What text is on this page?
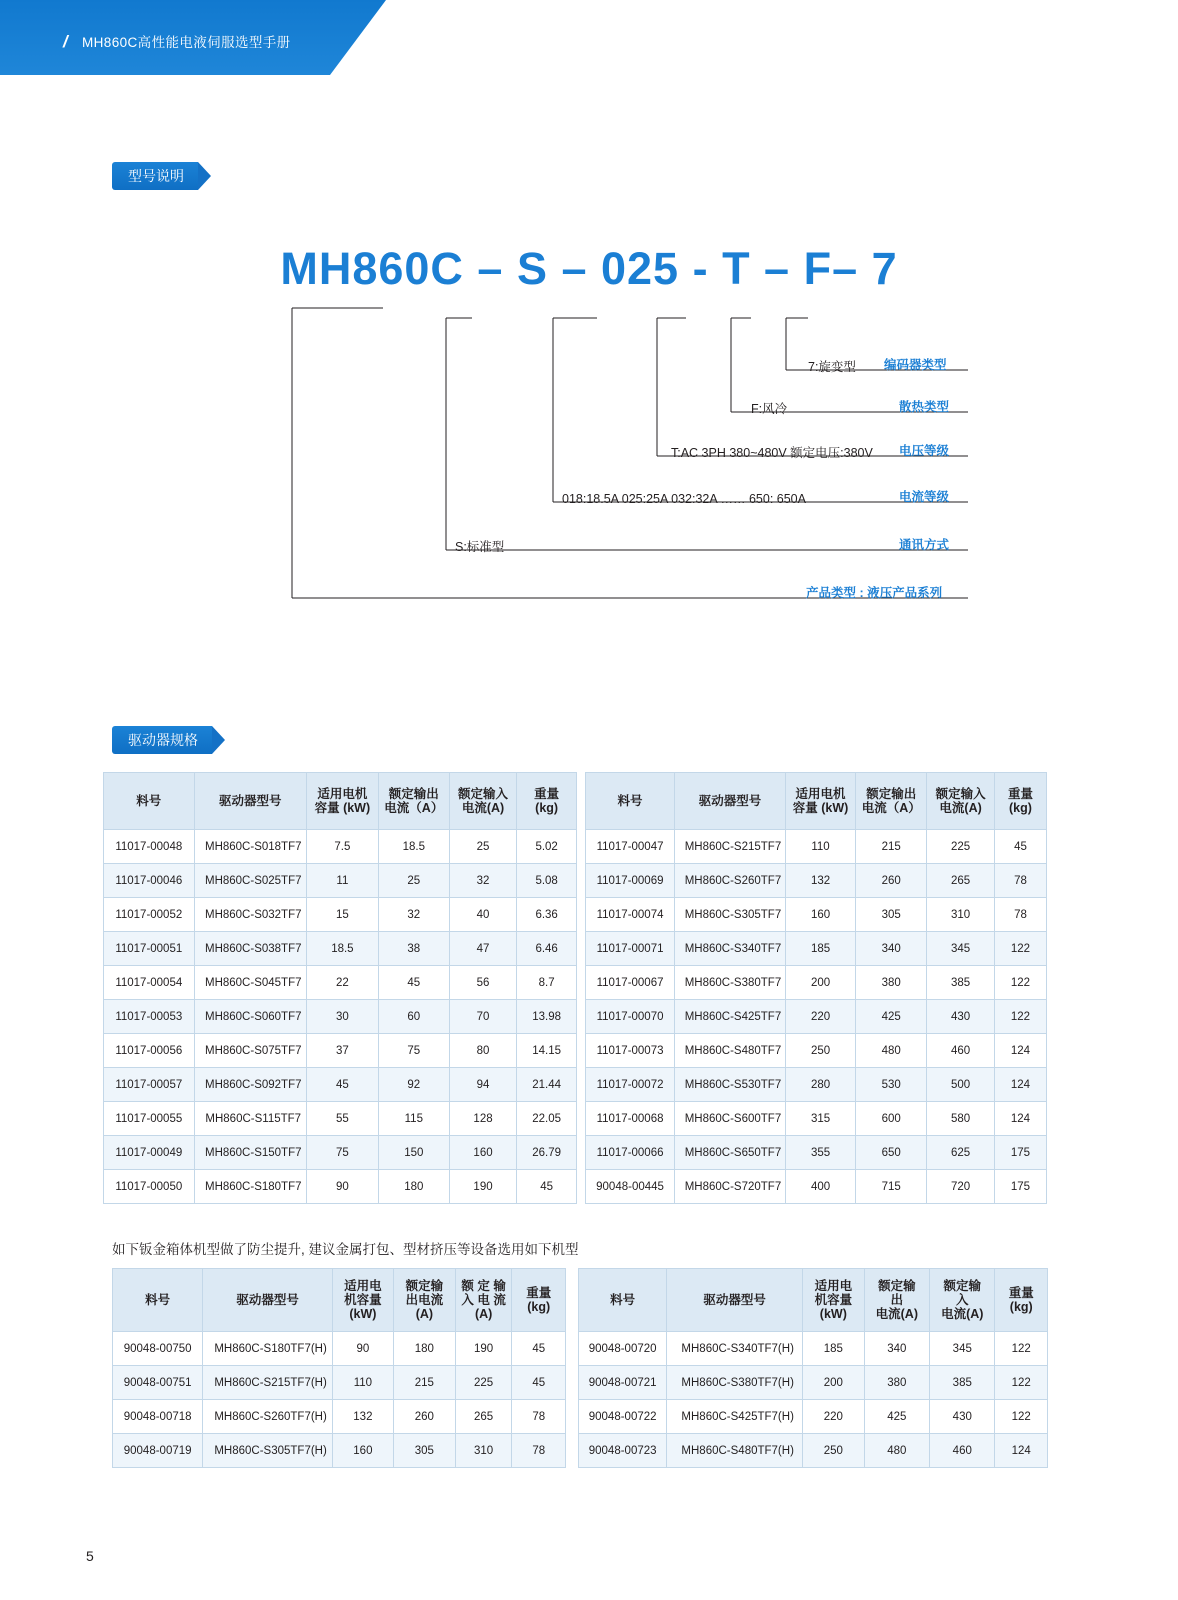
/	MH860C高性能电液伺服选型手册
型号说明
MH860C – S – 025 - T – F– 7
7:旋变型 编码器类型
F:风冷	散热类型
T:AC 3PH 380~480V 额定电压:380V 电压等级
018:18.5A 025:25A 032:32A …… 650: 650A	电流等级
S:标准型	通讯方式
产品类型 : 液压产品系列
驱动器规格
料号	驱动器型号	适用电机
容量 (kW)	额定输出
电流（A）	额定输入
电流(A)	重量
(kg)
11017-00048	MH860C-S018TF7	7.5	18.5	25	5.02
11017-00046	MH860C-S025TF7	11	25	32	5.08
11017-00052	MH860C-S032TF7	15	32	40	6.36
11017-00051	MH860C-S038TF7	18.5	38	47	6.46
11017-00054	MH860C-S045TF7	22	45	56	8.7
11017-00053	MH860C-S060TF7	30	60	70	13.98
11017-00056	MH860C-S075TF7	37	75	80	14.15
11017-00057	MH860C-S092TF7	45	92	94	21.44
11017-00055	MH860C-S115TF7	55	115	128	22.05
11017-00049	MH860C-S150TF7	75	150	160	26.79
11017-00050	MH860C-S180TF7	90	180	190	45
料号	驱动器型号	适用电机
容量 (kW)	额定输出
电流（A）	额定输入
电流(A)	重量
(kg)
11017-00047	MH860C-S215TF7	110	215	225	45
11017-00069	MH860C-S260TF7	132	260	265	78
11017-00074	MH860C-S305TF7	160	305	310	78
11017-00071	MH860C-S340TF7	185	340	345	122
11017-00067	MH860C-S380TF7	200	380	385	122
11017-00070	MH860C-S425TF7	220	425	430	122
11017-00073	MH860C-S480TF7	250	480	460	124
11017-00072	MH860C-S530TF7	280	530	500	124
11017-00068	MH860C-S600TF7	315	600	580	124
11017-00066	MH860C-S650TF7	355	650	625	175
90048-00445	MH860C-S720TF7	400	715	720	175
如下钣金箱体机型做了防尘提升, 建议金属打包、型材挤压等设备选用如下机型
料号	驱动器型号	适用电
机容量
(kW)	额定输
出电流
(A)	额 定 输
入 电 流
(A)	重量
(kg)
90048-00750	MH860C-S180TF7(H)	90	180	190	45
90048-00751	MH860C-S215TF7(H)	110	215	225	45
90048-00718	MH860C-S260TF7(H)	132	260	265	78
90048-00719	MH860C-S305TF7(H)	160	305	310	78
料号	驱动器型号	适用电
机容量
(kW)	额定输
出
电流(A)	额定输
入
电流(A)	重量
(kg)
90048-00720	MH860C-S340TF7(H)	185	340	345	122
90048-00721	MH860C-S380TF7(H)	200	380	385	122
90048-00722	MH860C-S425TF7(H)	220	425	430	122
90048-00723	MH860C-S480TF7(H)	250	480	460	124
5
